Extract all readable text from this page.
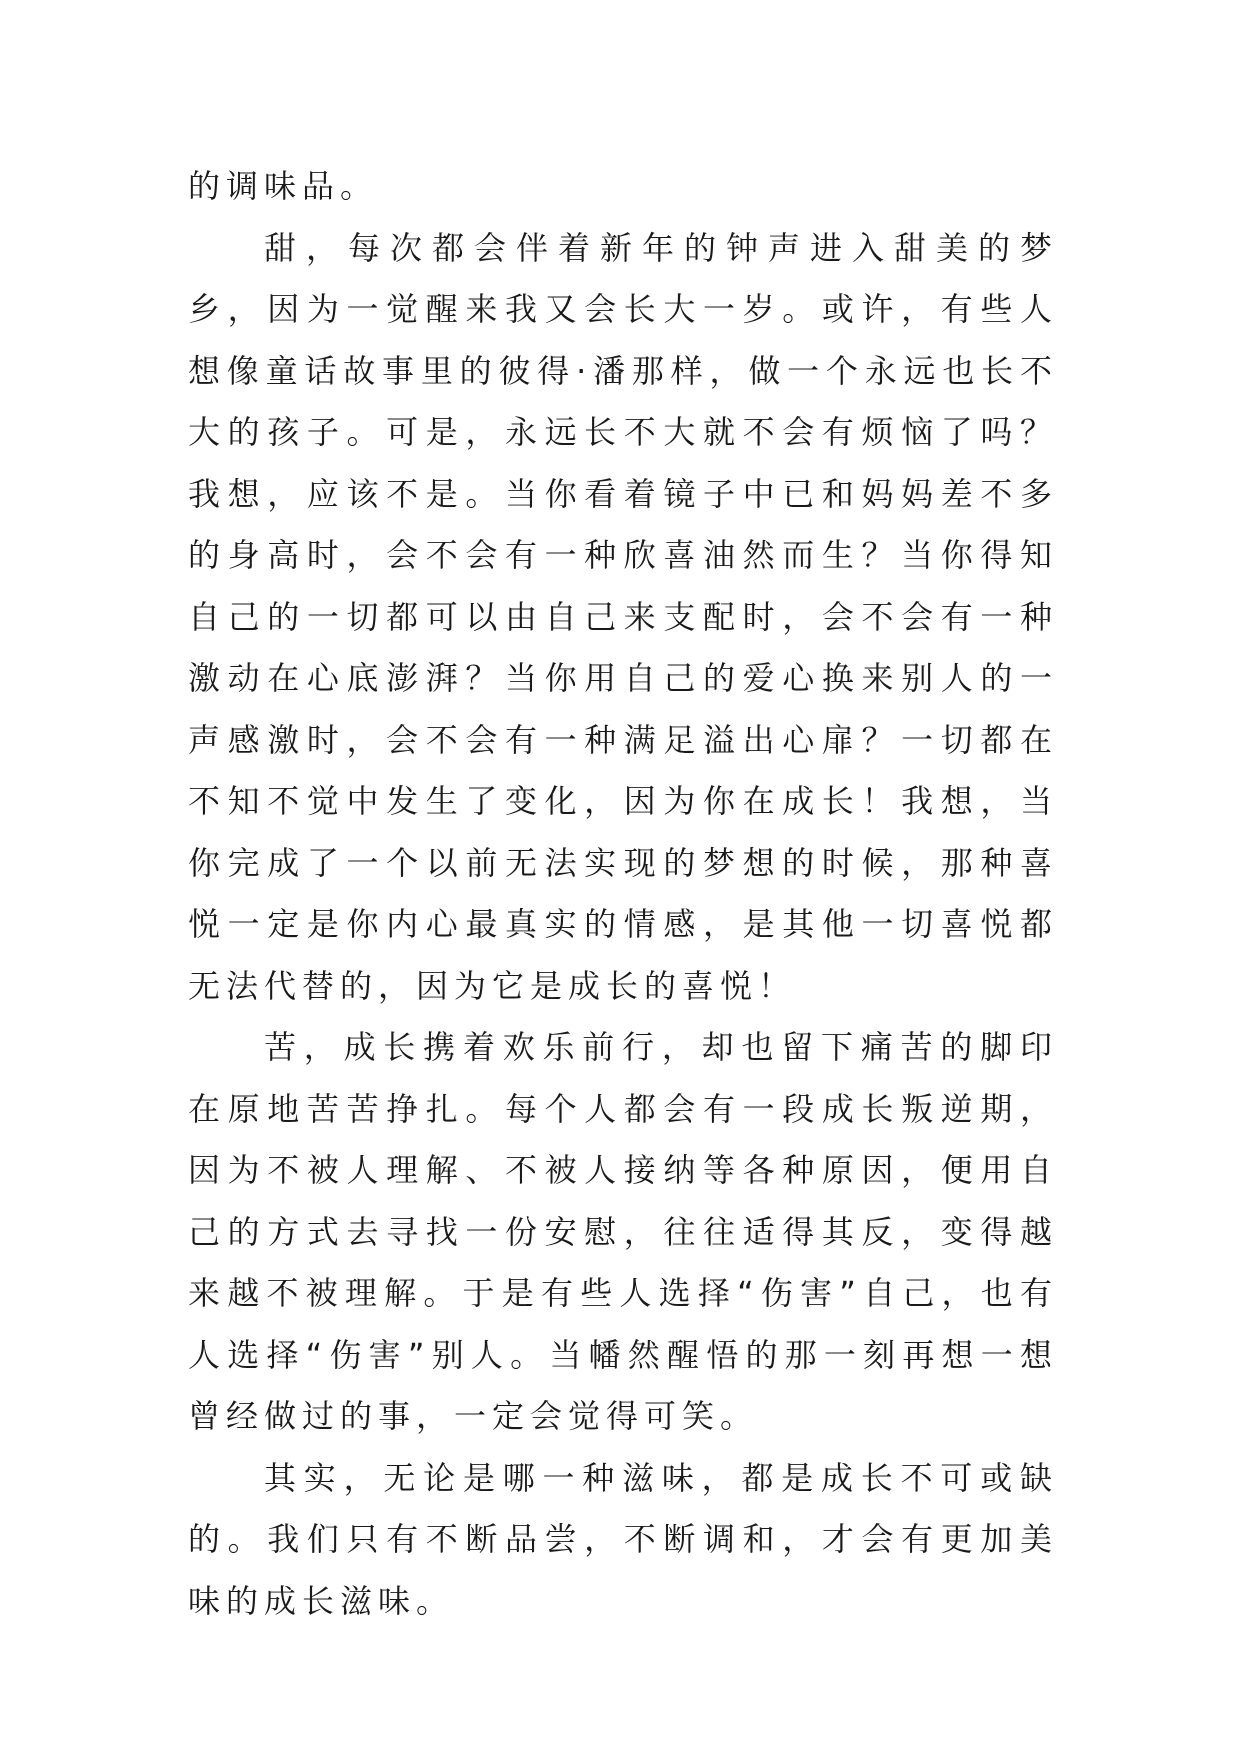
的调味品。

甜，每次都会伴着新年的钟声进入甜美的梦乡，因为一觉醒来我又会长大一岁。或许，有些人想像童话故事里的彼得·潘那样，做一个永远也长不大的孩子。可是，永远长不大就不会有烦恼了吗？我想，应该不是。当你看着镜子中已和妈妈差不多的身高时，会不会有一种欣喜油然而生？当你得知自己的一切都可以由自己来支配时，会不会有一种激动在心底澎湃？当你用自己的爱心换来别人的一声感激时，会不会有一种满足溢出心扉？一切都在不知不觉中发生了变化，因为你在成长！我想，当你完成了一个以前无法实现的梦想的时候，那种喜悦一定是你内心最真实的情感，是其他一切喜悦都无法代替的，因为它是成长的喜悦！

苦，成长携着欢乐前行，却也留下痛苦的脚印在原地苦苦挣扎。每个人都会有一段成长叛逆期，因为不被人理解、不被人接纳等各种原因，便用自己的方式去寻找一份安慰，往往适得其反，变得越来越不被理解。于是有些人选择“伤害”自己，也有人选择“伤害”别人。当幡然醒悟的那一刻再想一想曾经做过的事，一定会觉得可笑。

其实，无论是哪一种滋味，都是成长不可或缺的。我们只有不断品尝，不断调和，才会有更加美味的成长滋味。
